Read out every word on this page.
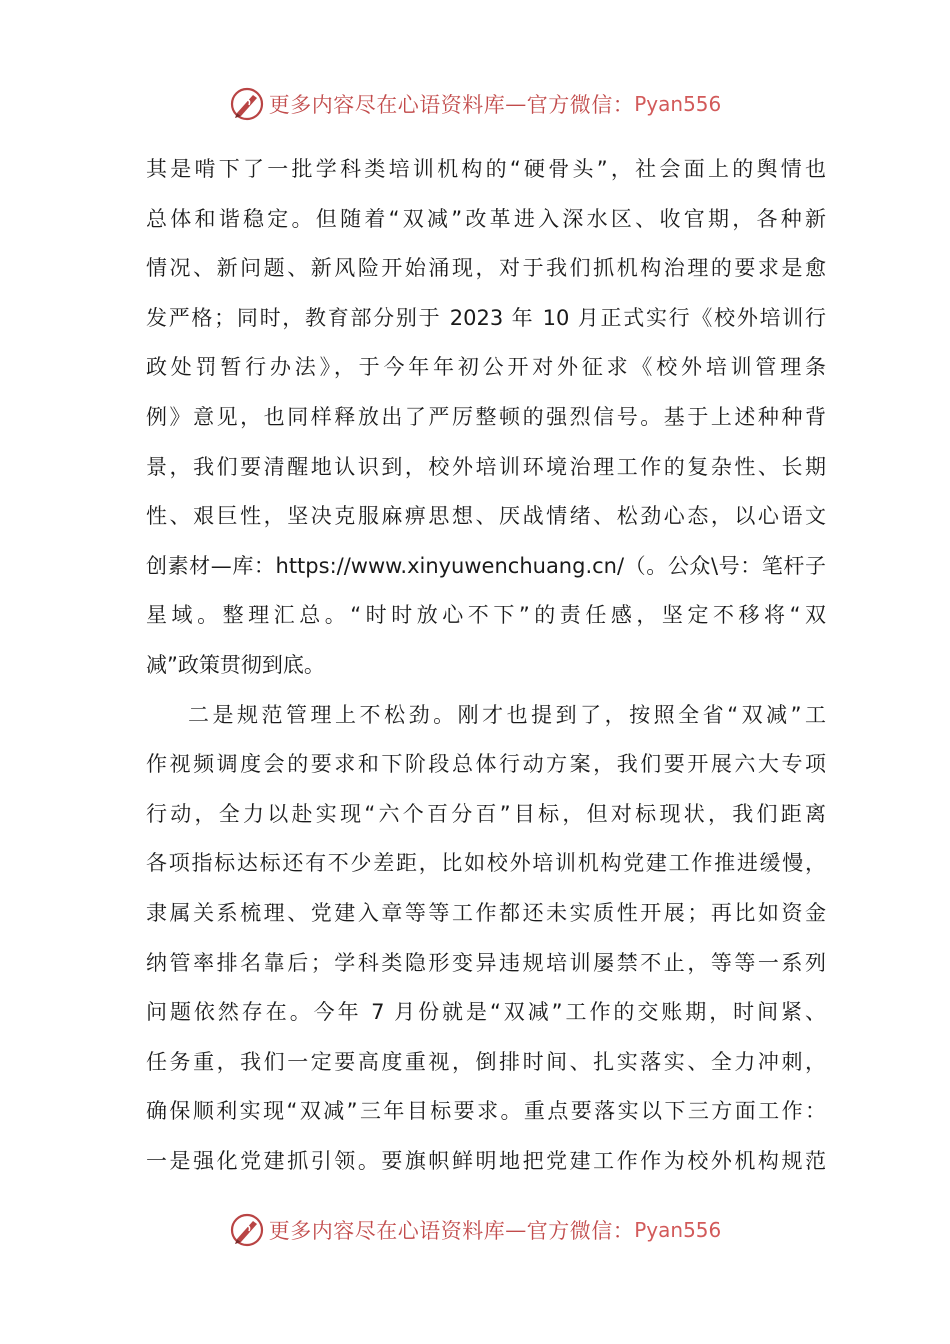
更多内容尽在心语资料库 — 官方微信： Pyan556
其是啃下了一批学科类培训机构的“硬骨头”，社会面上的舆情也
总体和谐稳定。但随着“双减”改革进入深水区、收官期，各种新
情况、新问题、新风险开始涌现，对于我们抓机构治理的要求是愈
发严格；同时，教育部分别于 2023 年 10 月正式实行《校外培训行
政处罚暂行办法》，于今年年初公开对外征求《校外培训管理条
例》意见，也同样释放出了严厉整顿的强烈信号。基于上述种种背
景，我们要清醒地认识到，校外培训环境治理工作的复杂性、长期
性、艰巨性，坚决克服麻痹思想、厌战情绪、松劲心态，以心语文
创素材—库：https://www.xinyuwenchuang.cn/（。公众\号：笔杆子
星域。整理汇总。“时时放心不下”的责任感，坚定不移将“双
减”政策贯彻到底。
二是规范管理上不松劲。刚才也提到了，按照全省“双减”工
作视频调度会的要求和下阶段总体行动方案，我们要开展六大专项
行动，全力以赴实现“六个百分百”目标，但对标现状，我们距离
各项指标达标还有不少差距，比如校外培训机构党建工作推进缓慢，
隶属关系梳理、党建入章等等工作都还未实质性开展；再比如资金
纳管率排名靠后；学科类隐形变异违规培训屡禁不止，等等一系列
问题依然存在。今年 7 月份就是“双减”工作的交账期，时间紧、
任务重，我们一定要高度重视，倒排时间、扎实落实、全力冲刺，
确保顺利实现“双减”三年目标要求。重点要落实以下三方面工作：
一是强化党建抓引领。要旗帜鲜明地把党建工作作为校外机构规范
更多内容尽在心语资料库 — 官方微信： Pyan556
